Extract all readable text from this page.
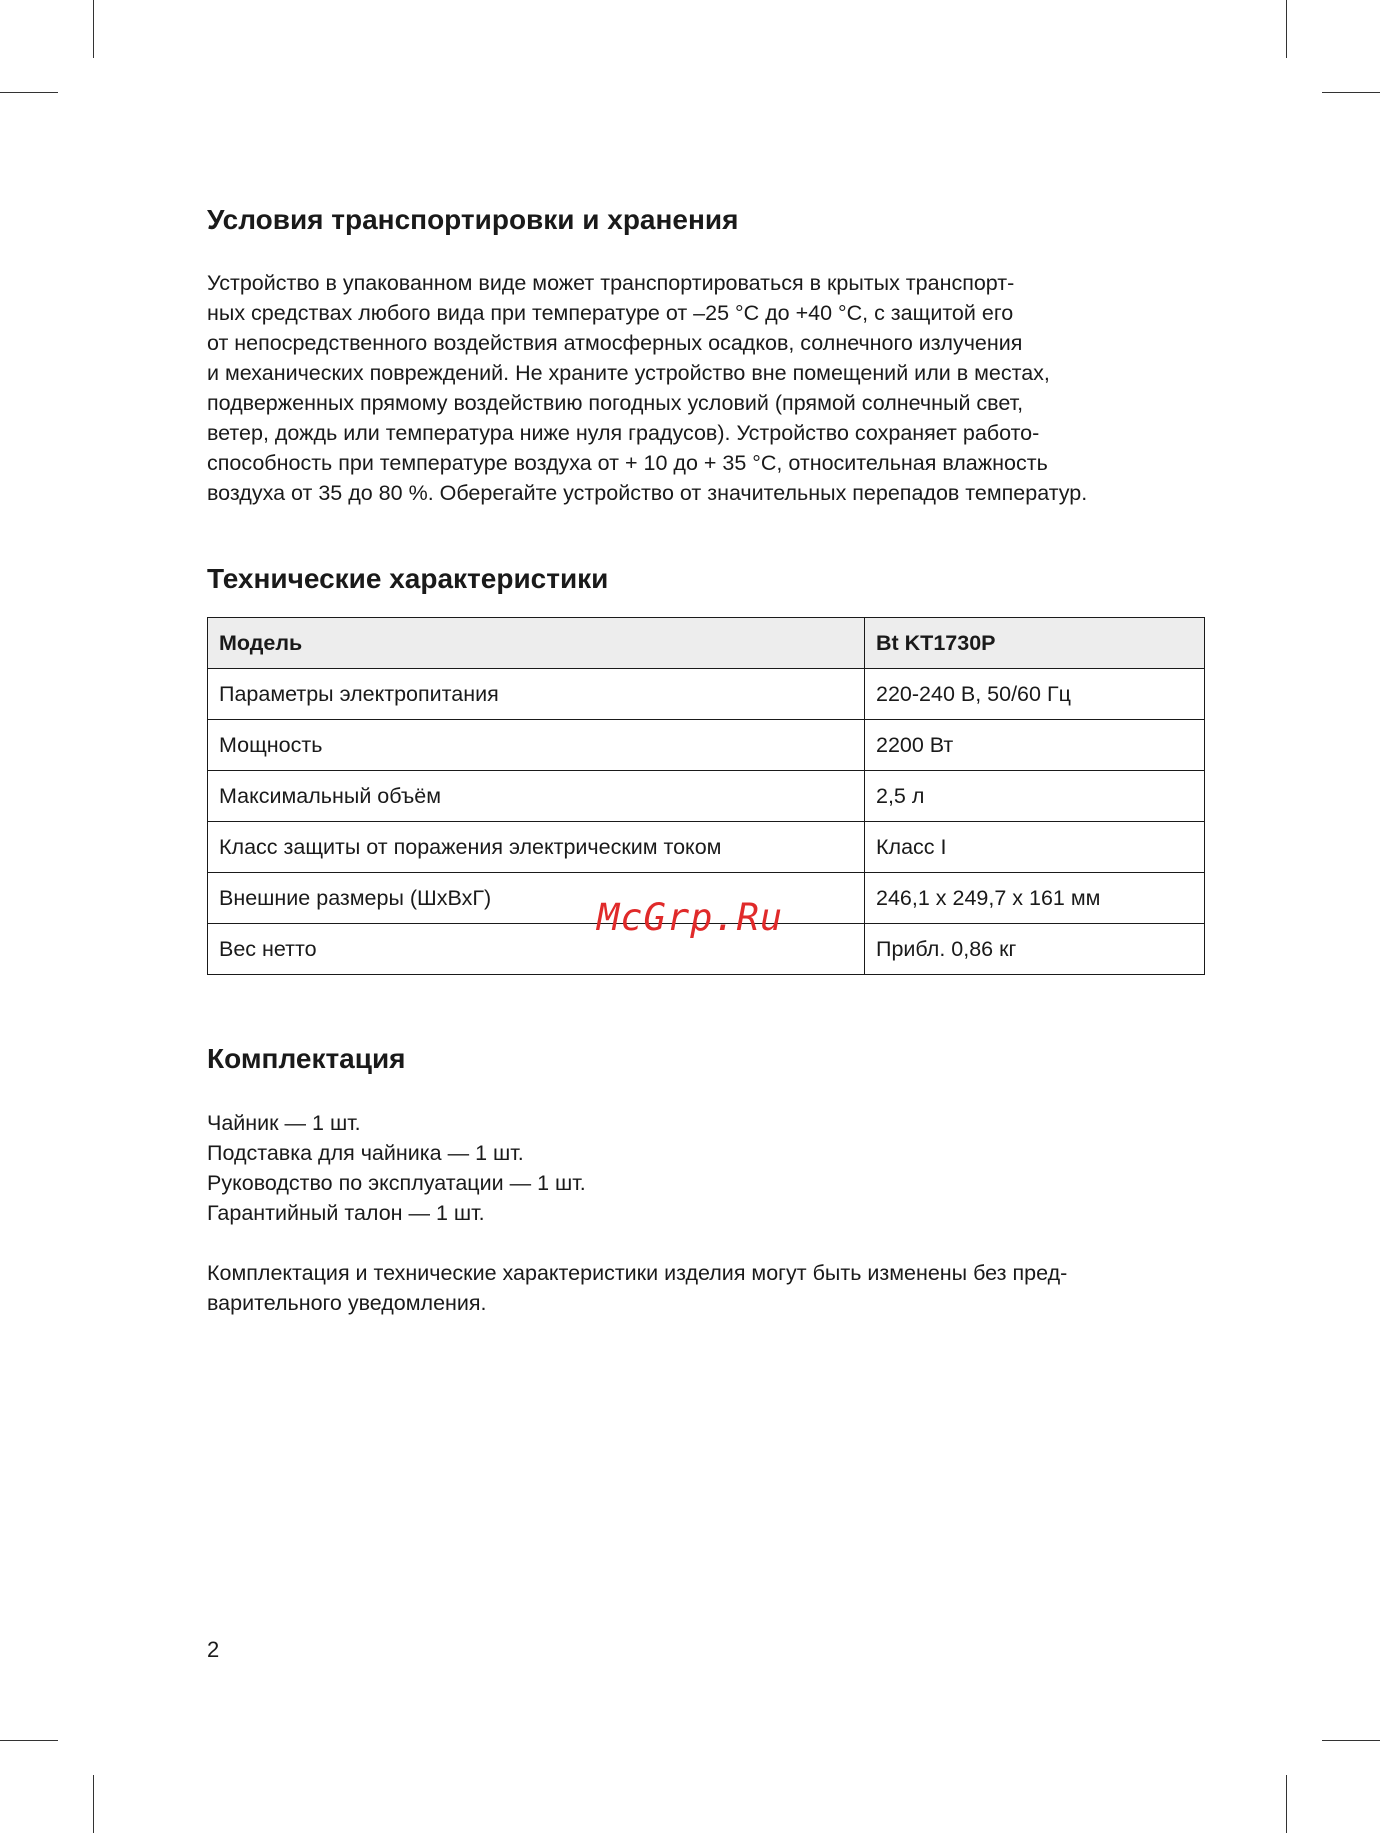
Условия транспортировки и хранения
Устройство в упакованном виде может транспортироваться в крытых транспорт-
ных средствах любого вида при температуре от –25 °C до +40 °C, с защитой его
от непосредственного воздействия атмосферных осадков, солнечного излучения
и механических повреждений. Не храните устройство вне помещений или в местах,
подверженных прямому воздействию погодных условий (прямой солнечный свет,
ветер, дождь или температура ниже нуля градусов). Устройство сохраняет работо-
способность при температуре воздуха от + 10 до + 35 °C, относительная влажность
воздуха от 35 до 80 %. Оберегайте устройство от значительных перепадов температур.
Технические характеристики
Модель	Bt KT1730P
Параметры электропитания	220-240 В, 50/60 Гц
Мощность	2200 Вт
Максимальный объём	2,5 л
Класс защиты от поражения электрическим током	Класс I
Внешние размеры (ШхВхГ)	246,1 x 249,7 x 161 мм
Вес нетто	Прибл. 0,86 кг
Комплектация
Чайник — 1 шт.
Подставка для чайника — 1 шт.
Руководство по эксплуатации — 1 шт.
Гарантийный талон — 1 шт.
Комплектация и технические характеристики изделия могут быть изменены без пред-
варительного уведомления.
McGrp.Ru
2
